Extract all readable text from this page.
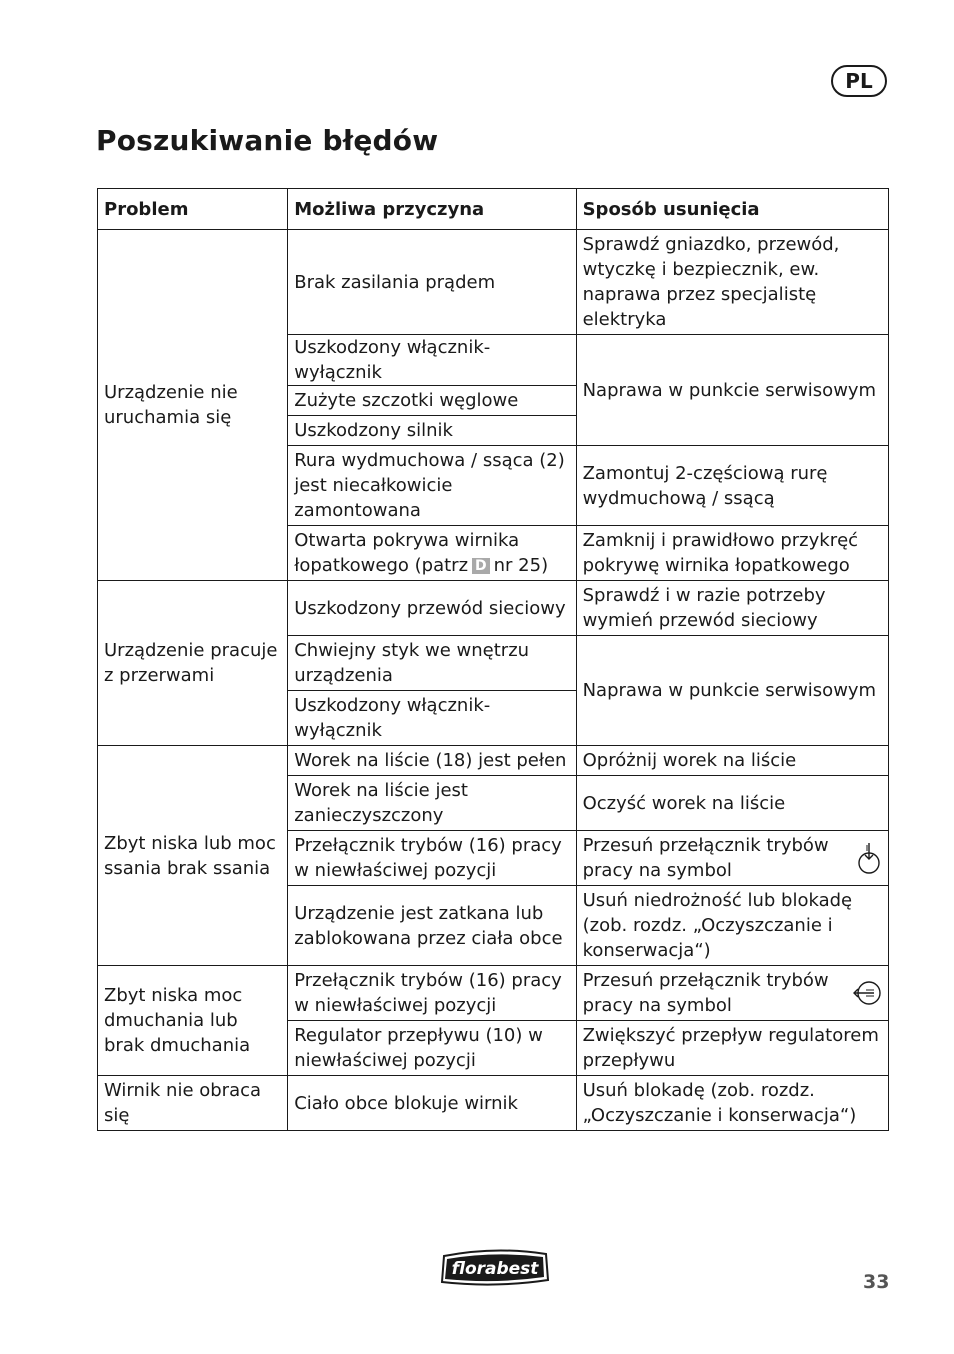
PL
Poszukiwanie błędów
Problem	Możliwa przyczyna	Sposób usunięcia
Urządzenie nie uruchamia się	Brak zasilania prądem	Sprawdź gniazdko, przewód, wtyczkę i bezpiecznik, ew. naprawa przez specjalistę elektryka
	Uszkodzony włącznik-wyłącznik	Naprawa w punkcie serwisowym
	Zużyte szczotki węglowe	
	Uszkodzony silnik	
	Rura wydmuchowa / ssąca (2) jest niecałkowicie zamontowana	Zamontuj 2-częściową rurę wydmuchową / ssącą
	Otwarta pokrywa wirnika łopatkowego (patrz D nr 25)	Zamknij i prawidłowo przykręć pokrywę wirnika łopatkowego
Urządzenie pracuje z przerwami	Uszkodzony przewód sieciowy	Sprawdź i w razie potrzeby wymień przewód sieciowy
	Chwiejny styk we wnętrzu urządzenia	Naprawa w punkcie serwisowym
	Uszkodzony włącznik-wyłącznik	
Zbyt niska lub moc ssania brak ssania	Worek na liście (18) jest pełen	Opróżnij worek na liście
	Worek na liście jest zanieczyszczony	Oczyść worek na liście
	Przełącznik trybów (16) pracy w niewłaściwej pozycji	Przesuń przełącznik trybów pracy na symbol

	Urządzenie jest zatkana lub zablokowana przez ciała obce	Usuń niedrożność lub blokadę (zob. rozdz. „Oczyszczanie i konserwacja“)
Zbyt niska moc dmuchania lub brak dmuchania	Przełącznik trybów (16) pracy w niewłaściwej pozycji	Przesuń przełącznik trybów pracy na symbol

	Regulator przepływu (10) w niewłaściwej pozycji	Zwiększyć przepływ regulatorem przepływu
Wirnik nie obraca się	Ciało obce blokuje wirnik	Usuń blokadę (zob. rozdz. „Oczyszczanie i konserwacja“)
florabest
33
